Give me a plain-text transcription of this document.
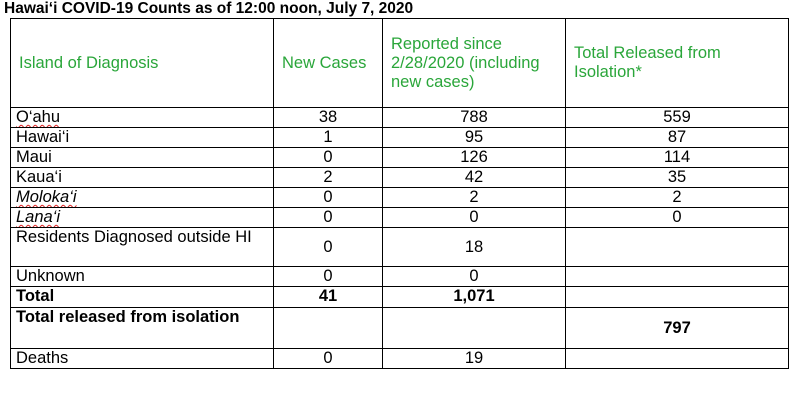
Hawai‘i COVID-19 Counts as of 12:00 noon, July 7, 2020
Island of Diagnosis	New Cases	Reported since 2/28/2020 (including new cases)	Total Released from Isolation*
O‘ahu	38	788	559
Hawai‘i	1	95	87
Maui	0	126	114
Kaua‘i	2	42	35
Moloka‘i	0	2	2
Lana‘i	0	0	0
Residents Diagnosed outside HI	0	18	
Unknown	0	0	
Total	41	1,071	
Total released from isolation			797
Deaths	0	19	
